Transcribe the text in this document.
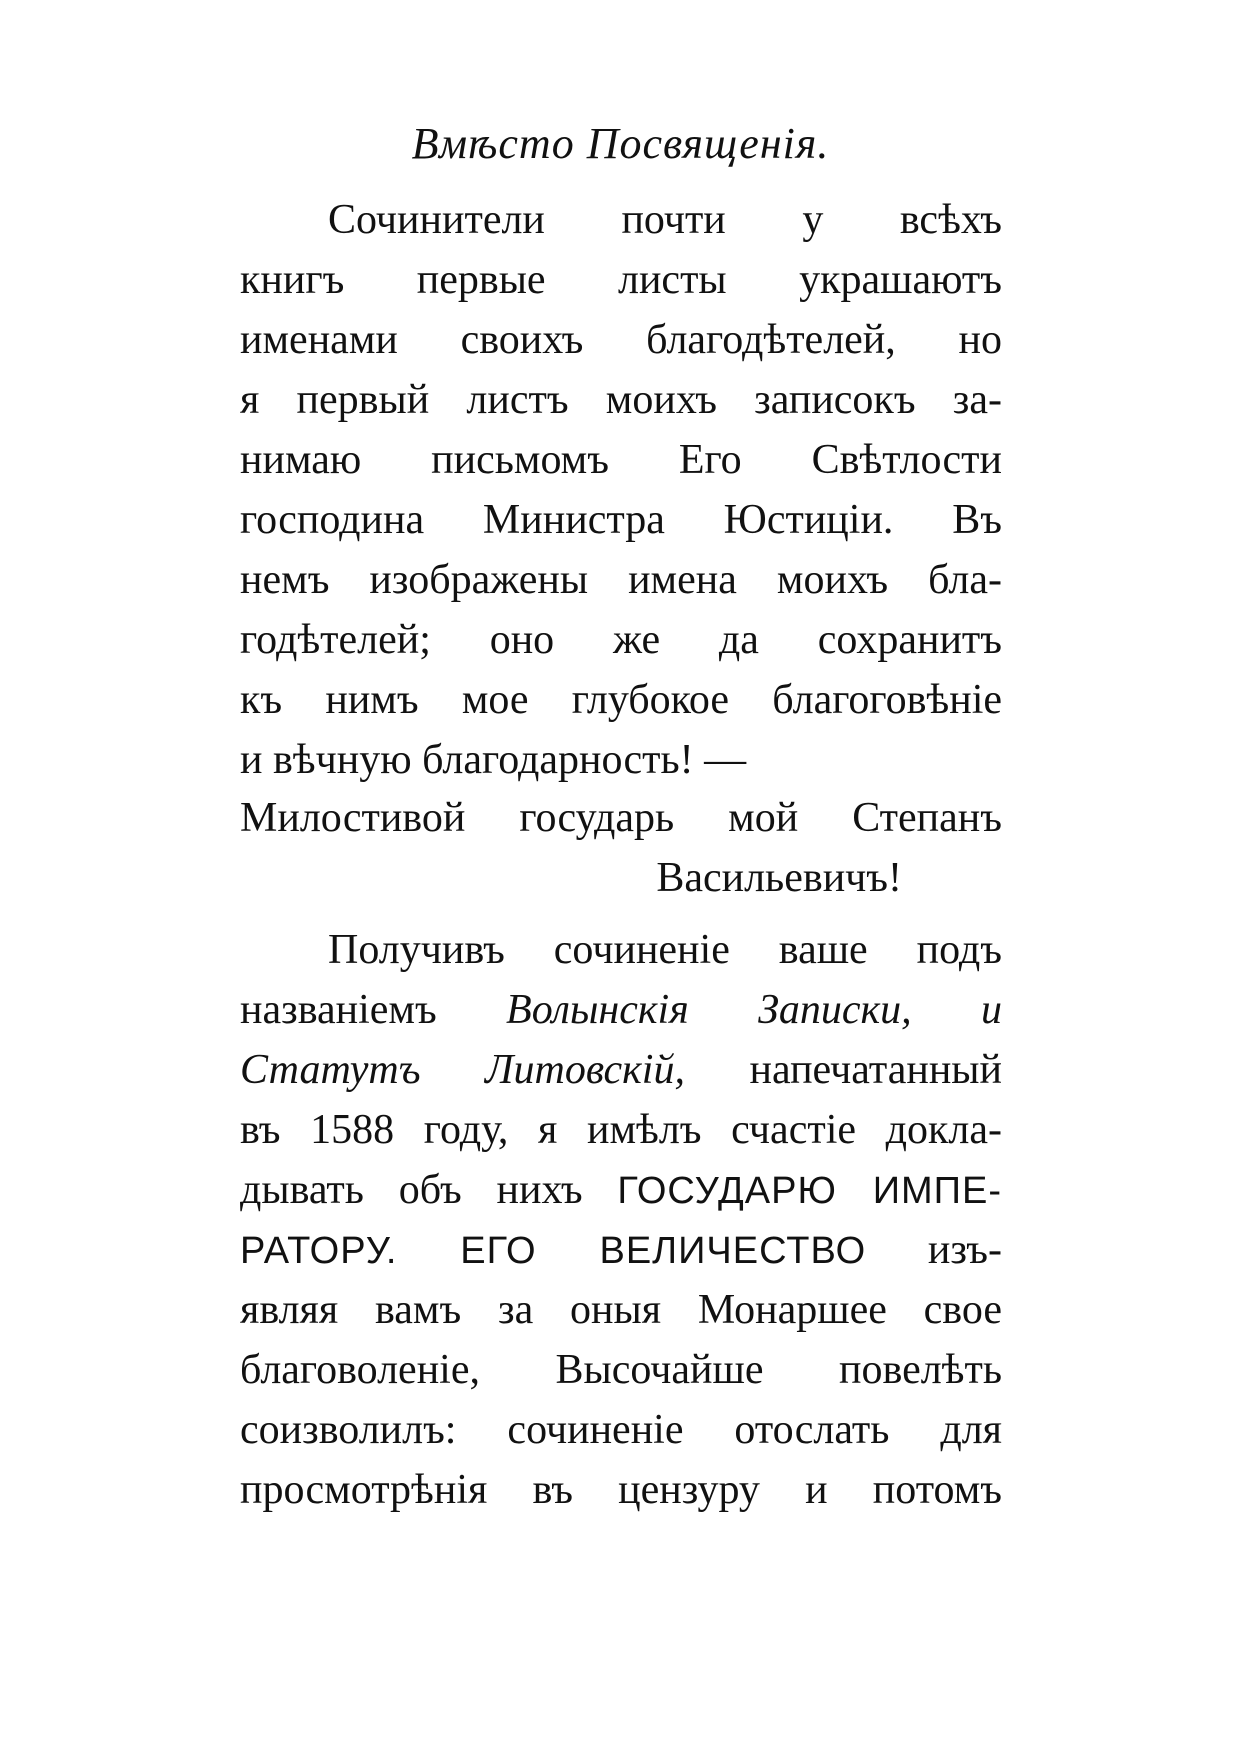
Вмѣсто Посвященія.
Сочинители почти у всѣхъ
книгъ первые листы украшаютъ
именами своихъ благодѣтелей, но
я первый листъ моихъ записокъ за-
нимаю письмомъ Его Свѣтлости
господина Министра Юстиціи. Въ
немъ изображены имена моихъ бла-
годѣтелей; оно же да сохранитъ
къ нимъ мое глубокое благоговѣніе
и вѣчную благодарность! —
Милостивой государь мой Степанъ
Васильевичъ!
Получивъ сочиненіе ваше подъ
названіемъ Волынскія Записки, и
Статутъ Литовскій, напечатанный
въ 1588 году, я имѣлъ счастіе докла-
дывать объ нихъ ГОСУДАРЮ ИМПЕ-
РАТОРУ. ЕГО ВЕЛИЧЕСТВО изъ-
являя вамъ за оныя Монаршее свое
благоволеніе, Высочайше повелѣть
соизволилъ: сочиненіе отослать для
просмотрѣнія въ цензуру и потомъ
